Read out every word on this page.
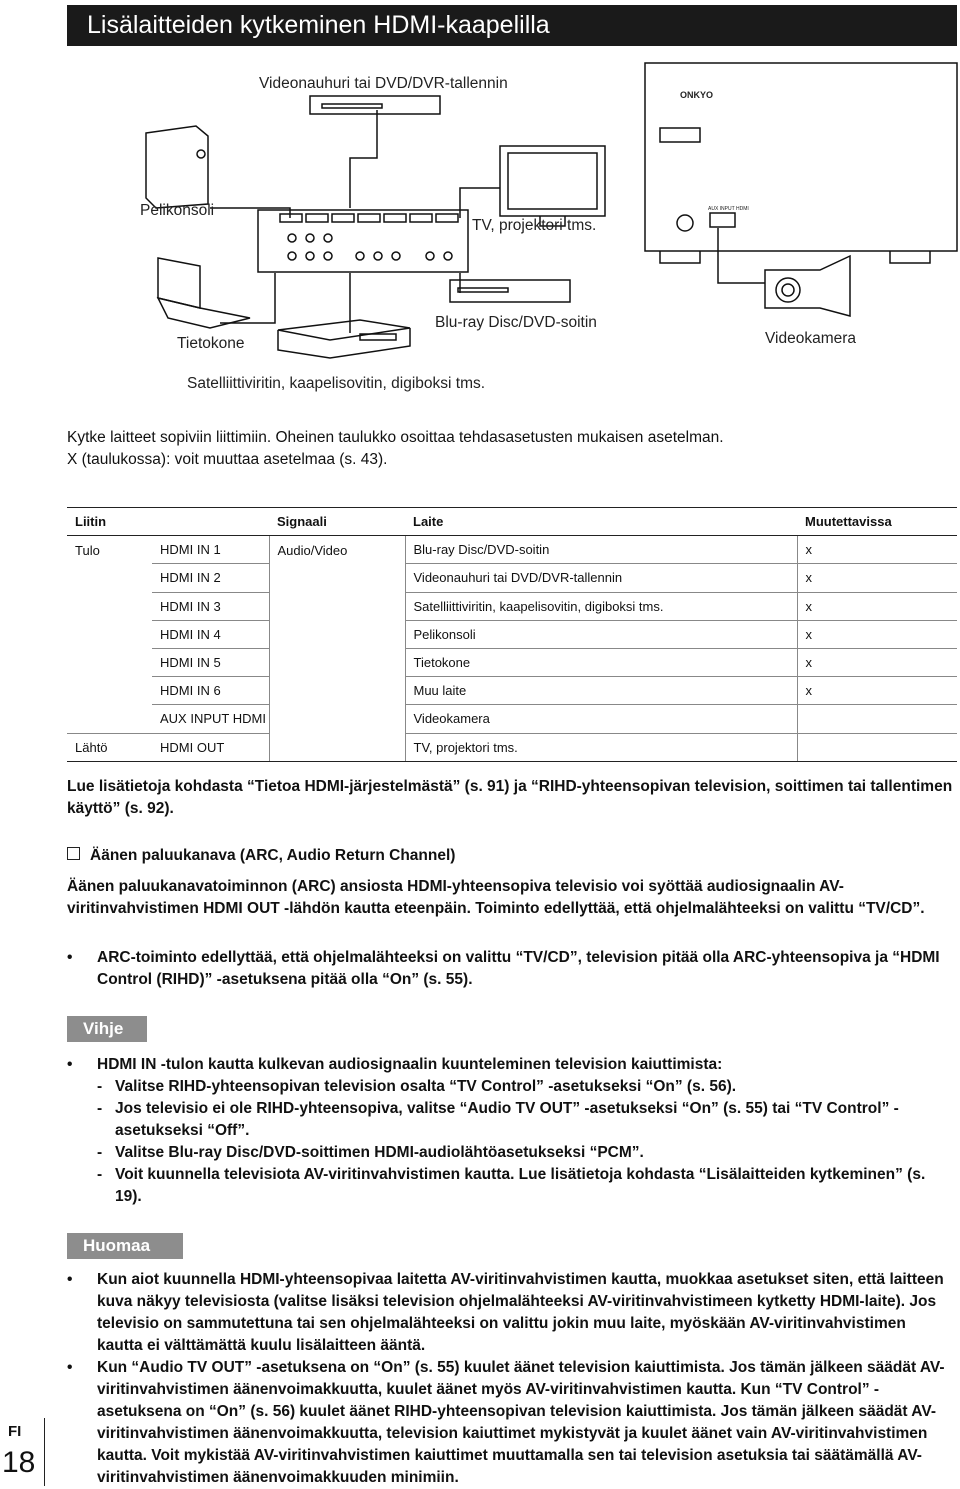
Lisälaitteiden kytkeminen HDMI-kaapelilla
ONKYO
AUX INPUT HDMI
Videonauhuri tai DVD/DVR-tallennin
Pelikonsoli
TV, projektori tms.
Blu-ray Disc/DVD-soitin
Tietokone	Videokamera
Satelliittiviritin, kaapelisovitin, digiboksi tms.
Kytke laitteet sopiviin liittimiin. Oheinen taulukko osoittaa tehdasasetusten mukaisen asetelman.
X (taulukossa): voit muuttaa asetelmaa (s. 43).
Liitin		Signaali	Laite	Muutettavissa
Tulo	HDMI IN 1	Audio/Video	Blu-ray Disc/DVD-soitin	x
	HDMI IN 2		Videonauhuri tai DVD/DVR-tallennin	x
	HDMI IN 3		Satelliittiviritin, kaapelisovitin, digiboksi tms.	x
	HDMI IN 4		Pelikonsoli	x
	HDMI IN 5		Tietokone	x
	HDMI IN 6		Muu laite	x
	AUX INPUT HDMI		Videokamera	
Lähtö	HDMI OUT		TV, projektori tms.	
Lue lisätietoja kohdasta “Tietoa HDMI-järjestelmästä” (s. 91) ja “RIHD-yhteensopivan television, soittimen tai tallentimen käyttö” (s. 92).
Äänen paluukanava (ARC, Audio Return Channel)
Äänen paluukanavatoiminnon (ARC) ansiosta HDMI-yhteensopiva televisio voi syöttää audiosignaalin AV-viritinvahvistimen HDMI OUT -lähdön kautta eteenpäin. Toiminto edellyttää, että ohjelmalähteeksi on valittu “TV/CD”.
• ARC-toiminto edellyttää, että ohjelmalähteeksi on valittu “TV/CD”, television pitää olla ARC-yhteensopiva ja “HDMI Control (RIHD)” -asetuksena pitää olla “On” (s. 55).
Vihje
• HDMI IN -tulon kautta kulkevan audiosignaalin kuunteleminen television kaiuttimista:
- Valitse RIHD-yhteensopivan television osalta “TV Control” -asetukseksi “On” (s. 56).
- Jos televisio ei ole RIHD-yhteensopiva, valitse “Audio TV OUT” -asetukseksi “On” (s. 55) tai “TV Control” -asetukseksi “Off”.
- Valitse Blu-ray Disc/DVD-soittimen HDMI-audiolähtöasetukseksi “PCM”.
- Voit kuunnella televisiota AV-viritinvahvistimen kautta. Lue lisätietoja kohdasta “Lisälaitteiden kytkeminen” (s. 19).
Huomaa
• Kun aiot kuunnella HDMI-yhteensopivaa laitetta AV-viritinvahvistimen kautta, muokkaa asetukset siten, että laitteen kuva näkyy televisiosta (valitse lisäksi television ohjelmalähteeksi AV-viritinvahvistimeen kytketty HDMI-laite). Jos televisio on sammutettuna tai sen ohjelmalähteeksi on valittu jokin muu laite, myöskään AV-viritinvahvistimen kautta ei välttämättä kuulu lisälaitteen ääntä.
• Kun “Audio TV OUT” -asetuksena on “On” (s. 55) kuulet äänet television kaiuttimista. Jos tämän jälkeen säädät AV-viritinvahvistimen äänenvoimakkuutta, kuulet äänet myös AV-viritinvahvistimen kautta. Kun “TV Control” -asetuksena on “On” (s. 56) kuulet äänet RIHD-yhteensopivan television kaiuttimista. Jos tämän jälkeen säädät AV-viritinvahvistimen äänenvoimakkuutta, television kaiuttimet mykistyvät ja kuulet äänet vain AV-viritinvahvistimen kautta. Voit mykistää AV-viritinvahvistimen kaiuttimet muuttamalla sen tai television asetuksia tai säätämällä AV-viritinvahvistimen äänenvoimakkuuden minimiin.
FI
18
